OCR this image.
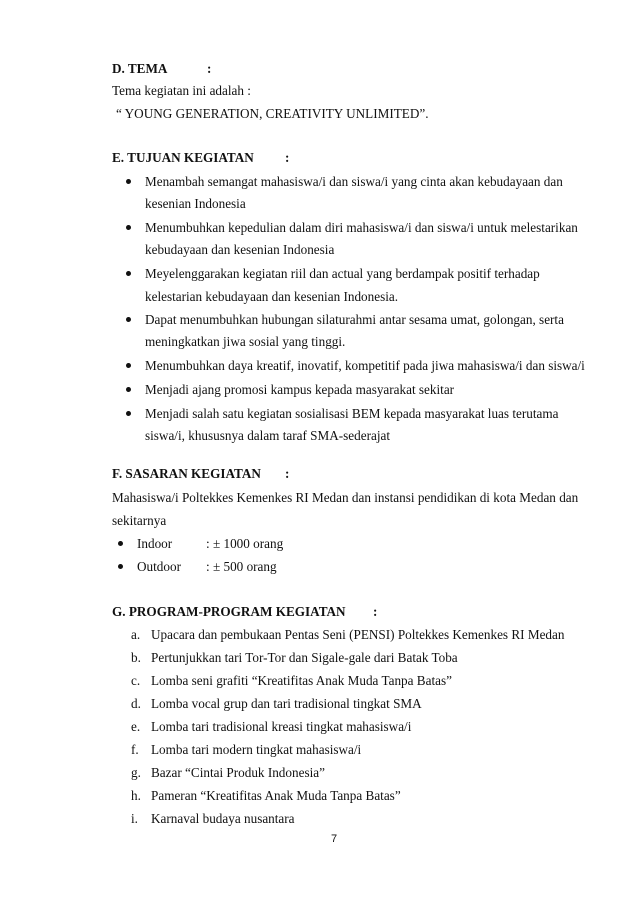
D. TEMA	:
Tema kegiatan ini adalah :
“ YOUNG GENERATION, CREATIVITY UNLIMITED”.
E. TUJUAN KEGIATAN :
Menambah semangat mahasiswa/i dan siswa/i yang cinta akan kebudayaan dan
kesenian Indonesia
Menumbuhkan kepedulian dalam diri mahasiswa/i dan siswa/i untuk melestarikan
kebudayaan dan kesenian Indonesia
Meyelenggarakan kegiatan riil dan actual yang berdampak positif terhadap
kelestarian kebudayaan dan kesenian Indonesia.
Dapat menumbuhkan hubungan silaturahmi antar sesama umat, golongan, serta
meningkatkan jiwa sosial yang tinggi.
Menumbuhkan daya kreatif, inovatif, kompetitif pada jiwa mahasiswa/i dan siswa/i
Menjadi ajang promosi kampus kepada masyarakat sekitar
Menjadi salah satu kegiatan sosialisasi BEM kepada masyarakat luas terutama
siswa/i, khususnya dalam taraf SMA-sederajat
F. SASARAN KEGIATAN :
Mahasiswa/i Poltekkes Kemenkes RI Medan dan instansi pendidikan di kota Medan dan
sekitarnya
Indoor	: ± 1000 orang
Outdoor : ± 500 orang
G. PROGRAM-PROGRAM KEGIATAN :
a. Upacara dan pembukaan Pentas Seni (PENSI) Poltekkes Kemenkes RI Medan
b. Pertunjukkan tari Tor-Tor dan Sigale-gale dari Batak Toba
c. Lomba seni grafiti “Kreatifitas Anak Muda Tanpa Batas”
d. Lomba vocal grup dan tari tradisional tingkat SMA
e. Lomba tari tradisional kreasi tingkat mahasiswa/i
f. Lomba tari modern tingkat mahasiswa/i
g. Bazar “Cintai Produk Indonesia”
h. Pameran “Kreatifitas Anak Muda Tanpa Batas”
i. Karnaval budaya nusantara
7
